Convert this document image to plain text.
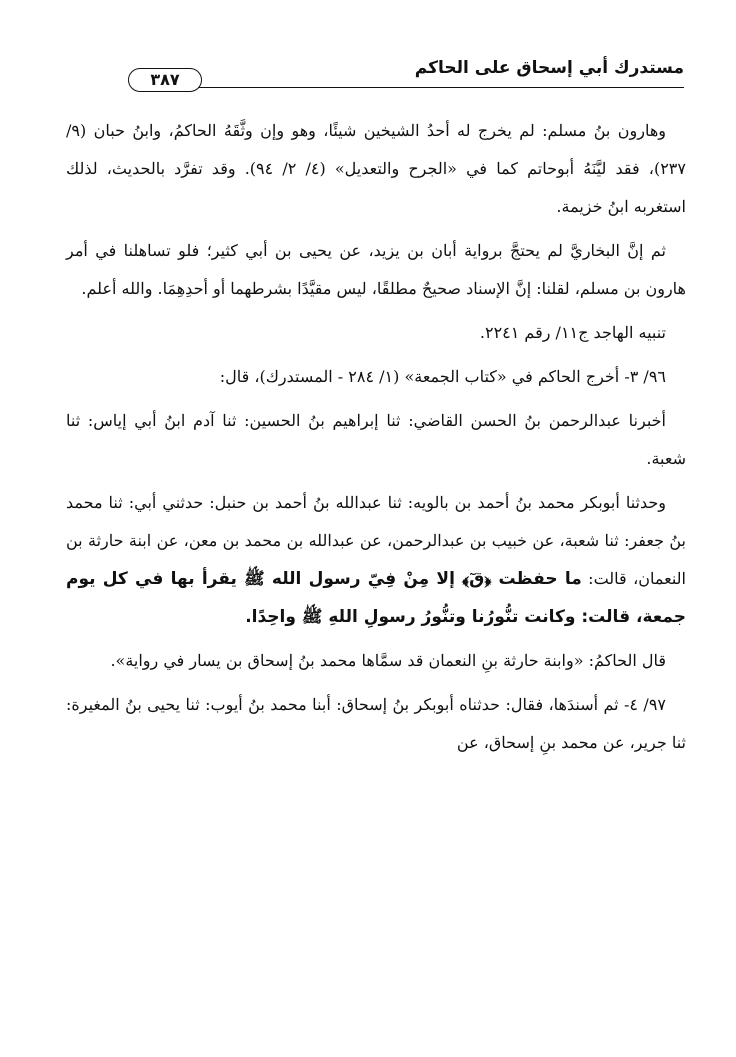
مستدرك أبي إسحاق على الحاكم
٣٨٧

وهارون بنُ مسلم: لم يخرج له أحدُ الشيخين شيئًا، وهو وإن وثَّقَهُ الحاكمُ، وابنُ حبان (٩/ ٢٣٧)، فقد ليَّنَهُ أبوحاتم كما في «الجرح والتعديل» (٤/ ٢/ ٩٤). وقد تفرَّد بالحديث، لذلك استغربه ابنُ خزيمة.

ثم إنَّ البخاريَّ لم يحتجَّ برواية أبان بن يزيد، عن يحيى بن أبي كثير؛ فلو تساهلنا في أمر هارون بن مسلم، لقلنا: إنَّ الإسناد صحيحٌ مطلقًا، ليس مقيَّدًا بشرطهما أو أحدِهِمَا. والله أعلم.

تنبيه الهاجد ج١١/ رقم ٢٢٤١.

٩٦/ ٣- أخرج الحاكم في «كتاب الجمعة» (١/ ٢٨٤ - المستدرك)، قال:

أخبرنا عبدالرحمن بنُ الحسن القاضي: ثنا إبراهيم بنُ الحسين: ثنا آدم ابنُ أبي إياس: ثنا شعبة.

وحدثنا أبوبكر محمد بنُ أحمد بن بالويه: ثنا عبدالله بنُ أحمد بن حنبل: حدثني أبي: ثنا محمد بنُ جعفر: ثنا شعبة، عن خبيب بن عبدالرحمن، عن عبدالله بن محمد بن معن، عن ابنة حارثة بن النعمان، قالت: ما حفظت ﴿قٓ﴾ إلا مِنْ فِيّ رسول الله ﷺ يقرأ بها في كل يوم جمعة، قالت: وكانت تنُّورُنا وتنُّورُ رسولِ اللهِ ﷺ واحِدًا.

قال الحاكمُ: «وابنة حارثة بنِ النعمان قد سمَّاها محمد بنُ إسحاق بن يسار في رواية».

٩٧/ ٤- ثم أسندَها، فقال: حدثناه أبوبكر بنُ إسحاق: أبنا محمد بنُ أيوب: ثنا يحيى بنُ المغيرة: ثنا جرير، عن محمد بنِ إسحاق، عن
